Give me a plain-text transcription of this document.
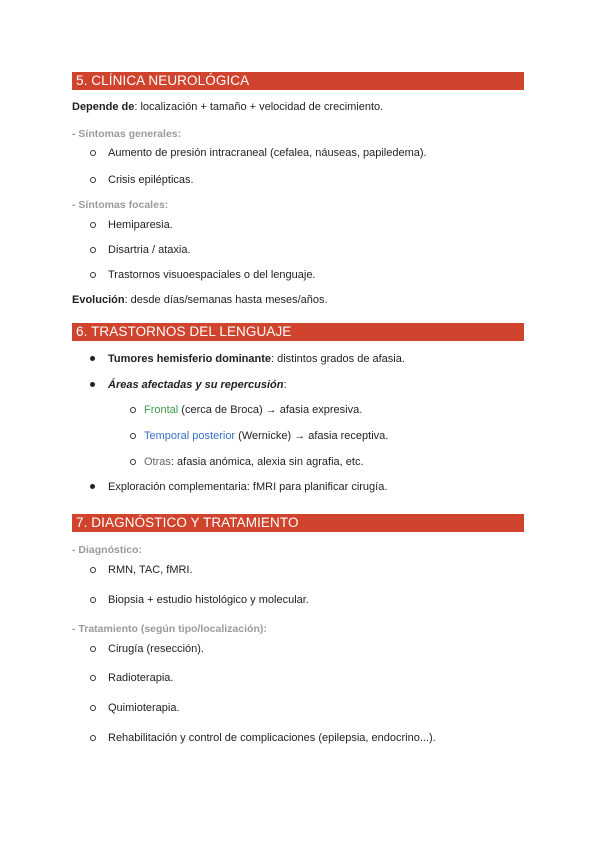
5. CLÍNICA NEUROLÓGICA
Depende de: localización + tamaño + velocidad de crecimiento.
- Síntomas generales:
Aumento de presión intracraneal (cefalea, náuseas, papiledema).
Crisis epilépticas.
- Síntomas focales:
Hemiparesia.
Disartria / ataxia.
Trastornos visuoespaciales o del lenguaje.
Evolución: desde días/semanas hasta meses/años.
6. TRASTORNOS DEL LENGUAJE
Tumores hemisferio dominante: distintos grados de afasia.
Áreas afectadas y su repercusión:
Frontal (cerca de Broca) → afasia expresiva.
Temporal posterior (Wernicke) → afasia receptiva.
Otras: afasia anómica, alexia sin agrafia, etc.
Exploración complementaria: fMRI para planificar cirugía.
7. DIAGNÓSTICO Y TRATAMIENTO
- Diagnóstico:
RMN, TAC, fMRI.
Biopsia + estudio histológico y molecular.
- Tratamiento (según tipo/localización):
Cirugía (resección).
Radioterapia.
Quimioterapia.
Rehabilitación y control de complicaciones (epilepsia, endocrino...).
